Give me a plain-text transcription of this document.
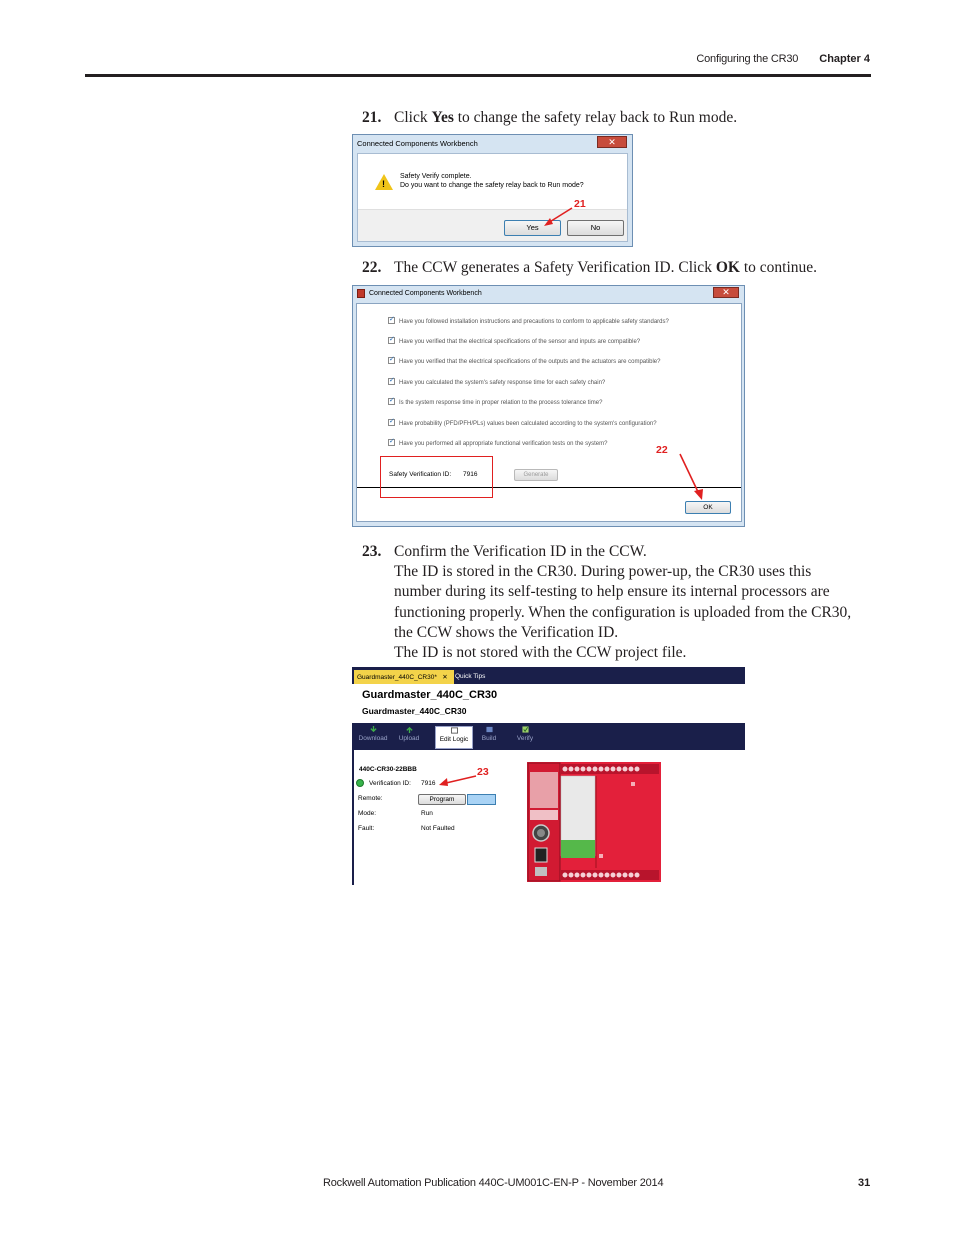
Configuring the CR30 Chapter 4
21. Click Yes to change the safety relay back to Run mode.
Connected Components Workbench	✕
!
Safety Verify complete.
Do you want to change the safety relay back to Run mode?
Yes	No
21
22. The CCW generates a Safety Verification ID. Click OK to continue.
Connected Components Workbench	✕
✓Have you followed installation instructions and precautions to conform to applicable safety standards?
✓Have you verified that the electrical specifications of the sensor and inputs are compatible?
✓Have you verified that the electrical specifications of the outputs and the actuators are compatible?
✓Have you calculated the system's safety response time for each safety chain?
✓Is the system response time in proper relation to the process tolerance time?
✓Have probability (PFD/PFH/PLs) values been calculated according to the system's configuration?
✓Have you performed all appropriate functional verification tests on the system?
Safety Verification ID: 7916	Generate
OK
22
23. Confirm the Verification ID in the CCW.
The ID is stored in the CR30. During power-up, the CR30 uses this number during its self-testing to help ensure its internal processors are functioning properly. When the configuration is uploaded from the CR30, the CCW shows the Verification ID.
The ID is not stored with the CCW project file.
Guardmaster_440C_CR30* ✕	Quick Tips
Guardmaster_440C_CR30
Guardmaster_440C_CR30
Download	Upload	Edit Logic	Build	Verify
440C-CR30-22BBB
Verification ID: 7916
Remote:	Program
Mode:	Run
Fault:	Not Faulted
23
Rockwell Automation Publication 440C-UM001C-EN-P - November 2014	31
